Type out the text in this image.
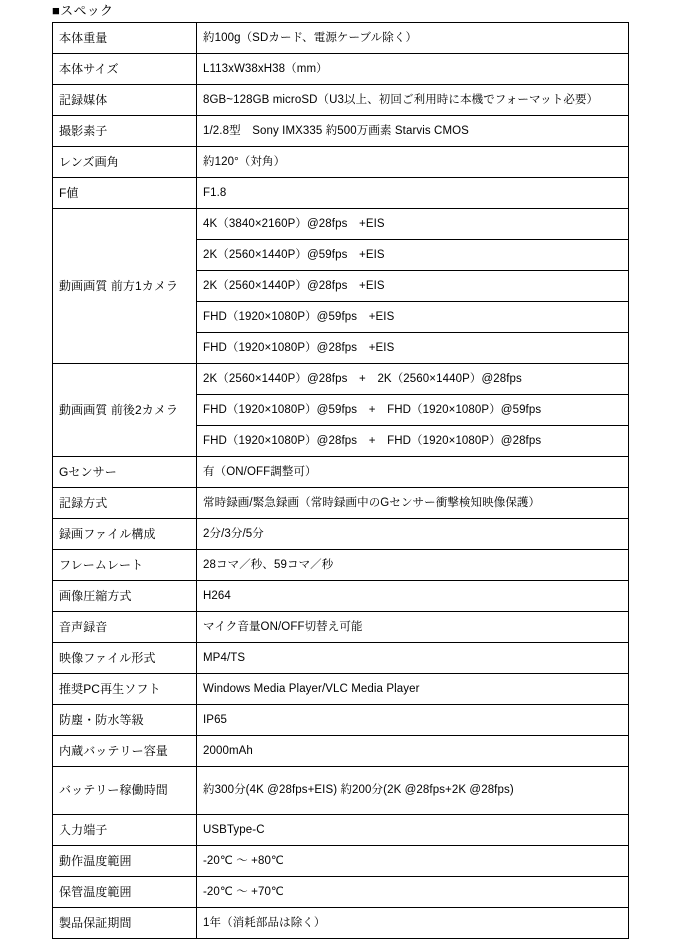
■スペック
本体重量	約100g（SDカード、電源ケーブル除く）
本体サイズ	L113xW38xH38（mm）
記録媒体	8GB~128GB microSD（U3以上、初回ご利用時に本機でフォーマット必要）
撮影素子	1/2.8型　Sony IMX335 約500万画素 Starvis CMOS
レンズ画角	約120°（対角）
F値	F1.8
動画画質 前方1カメラ	4K（3840×2160P）@28fps　+EIS
	2K（2560×1440P）@59fps　+EIS
	2K（2560×1440P）@28fps　+EIS
	FHD（1920×1080P）@59fps　+EIS
	FHD（1920×1080P）@28fps　+EIS
動画画質 前後2カメラ	2K（2560×1440P）@28fps　+　2K（2560×1440P）@28fps
	FHD（1920×1080P）@59fps　+　FHD（1920×1080P）@59fps
	FHD（1920×1080P）@28fps　+　FHD（1920×1080P）@28fps
Gセンサー	有（ON/OFF調整可）
記録方式	常時録画/緊急録画（常時録画中のGセンサー衝撃検知映像保護）
録画ファイル構成	2分/3分/5分
フレームレート	28コマ／秒、59コマ／秒
画像圧縮方式	H264
音声録音	マイク音量ON/OFF切替え可能
映像ファイル形式	MP4/TS
推奨PC再生ソフト	Windows Media Player/VLC Media Player
防塵・防水等級	IP65
内蔵バッテリー容量	2000mAh
バッテリー稼働時間	約300分(4K @28fps+EIS) 約200分(2K @28fps+2K @28fps)
入力端子	USBType-C
動作温度範囲	-20℃ ～ +80℃
保管温度範囲	-20℃ ～ +70℃
製品保証期間	1年（消耗部品は除く）
